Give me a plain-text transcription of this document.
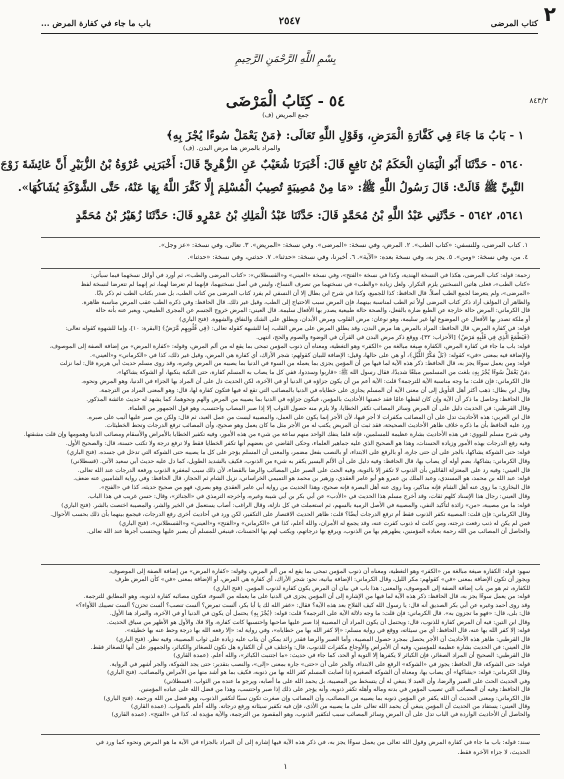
٢
كتاب المرضى
٢٥٤٧
باب ما جاء في كفارة المرض ...
بِسْمِ اللَّهِ الرَّحْمَنِ الرَّحِيمِ
٨٤٣/٢
٥٤ - كِتَابُ الْمَرْضَى
جمع المريض (ف)
١ - بَابُ مَا جَاءَ فِي كَفَّارَةِ الْمَرَضِ، وَقَوْلِ اللَّهِ تَعَالَى: ﴿مَنْ يَعْمَلْ سُوءًا يُجْزَ بِهِ﴾
والمراد بالمرض هنا مرض البدن. (ف)
٥٦٤٠ - حَدَّثَنَا أَبُو الْيَمَانِ الْحَكَمُ بْنُ نَافِعٍ قَالَ: أَخْبَرَنَا شُعَيْبٌ عَنِ الزُّهْرِيِّ قَالَ: أَخْبَرَنِي عُرْوَةُ بْنُ الزُّبَيْرِ أَنَّ عَائِشَةَ زَوْجَ
النَّبِيِّ ﷺ قَالَتْ: قَالَ رَسُولُ اللَّهِ ﷺ: «مَا مِنْ مُصِيبَةٍ تُصِيبُ الْمُسْلِمَ إِلَّا كَفَّرَ اللَّهُ بِهَا عَنْهُ، حَتَّى الشَّوْكَةِ يُشَاكُهَا».
٥٦٤١، ٥٦٤٢ - حَدَّثَنِي عَبْدُ اللَّهِ بْنُ مُحَمَّدٍ قَالَ: حَدَّثَنَا عَبْدُ الْمَلِكِ بْنُ عَمْرٍو قَالَ: حَدَّثَنَا زُهَيْرُ بْنُ مُحَمَّدٍ
١. كتاب المرضى، وللنسفي: «كتاب الطب». ٢. المرض، وفي نسخة: «المرضى». وفي نسخة: «المريض». ٣. تعالى، وفي نسخة: «عز وجل».
٤. من، وفي نسخة: «ومن». ٥. يجز به، وفي نسخة بعده: «الآية». ٦. أخبرنا، وفي نسخة: «حدثنا». ٧. حدثني، وفي نسخة: «حدثنا».
زحمة: قوله: كتاب المرضى، هكذا في النسخة الهندية، وكذا في نسخة «الفتح»، وفي نسخة «العيني» و«القسطلاني»: «كتاب المرضى والطب»، ثم أورد في أوائل نسخهما فيما سيأتي:
«كتاب الطب»، فعلى هاتين النسختين يلزم التكرار. ولعل زيادة «والطب» في نسختهما من تصرف النساخ، وليس في أصل نسختيهما، فإنهما لم تعرضا لهما، ثم إنهما لم تتعرضا لنسخة لفظ
«المرضى»، ولم يتعرضا لجمع الطب أصلاً. قال الحافظ: كذا للجميع، وكذا في شرح ابن بطال إلا أن النسفي لم يفرد كتاب المرضى من كتاب الطب، بل صدر بكتاب الطب ثم ذكر بابًا.
والظاهر أن المؤلف أراد ذكر كتاب المرضى أولاً ثم الطب لمناسبة بينهما، فإن المرض سبب الاحتياج إلى الطب، وقيل غير ذلك. قال الحافظ: وفي ذكره الطب عقب المرض مناسبة ظاهرة.
قال الكرماني: المرض حالة خارجة عن الطبع ضارة بالفعل، والصحة حالة طبيعية يصدر بها الأفعال سليمة. قال العيني: المرض خروج الجسم عن المجرى الطبيعي، ويعبر عنه بأنه حالة
أو ملكة تصدر بها الأفعال عن الموضوع لها غير سليمة، وهو نوعان: مرض القلوب ومرض الأبدان، ويطلق على الشك والنفاق والشهوة. (فتح الباري)
قوله: في كفارة المرض، قال الحافظ: المراد بالمرض هنا مرض البدن، وقد يطلق المرض على مرض القلب، إما للشبهة كقوله تعالى: ﴿فِي قُلُوبِهِم مَّرَضٌ﴾ [البقرة: ١٠]، وإما للشهوة كقوله تعالى:
﴿فَيَطْمَعَ الَّذِي فِي قَلْبِهِ مَرَضٌ﴾ [الأحزاب: ٣٢]، ووقع ذكر مرض البدن في القرآن في الوضوء والصوم والحج، انتهى.
قوله: باب ما جاء في كفارة المرض، الكفارة صيغة مبالغة من «الكفر» وهو التغطية، ومعناه أن ذنوب المؤمن تمحى بما يقع له من ألم المرض، وقوله: «كفارة المرض» من إضافة الصفة إلى الموصوف،
والإضافة فيه بمعنى «في» كقوله: ﴿بَلْ مَكْرُ اللَّيْلِ﴾، أو هي على حالها، وقيل: الإضافة للبيان كقولهم: شجر الأراك، أي كفارة هي المرض، وقيل غير ذلك، كذا في «الكرماني» و«العيني».
قوله: ومن يعمل سوءًا يجز به، قال الحافظ: ذكر هذه الآية لما فيها من أن المؤمن يجزى بما يعمله من السوء في الدنيا بما يصيبه من المرض وغيره، وقد روى مسلم حديث أبي هريرة قال: لما نزلت
﴿مَنْ يَعْمَلْ سُوءًا يُجْزَ بِهِ﴾ بلغت من المسلمين مبلغًا شديدًا، فقال رسول الله ﷺ: «قاربوا وسددوا، ففي كل ما يصاب به المسلم كفارة، حتى النكبة ينكبها، أو الشوكة يشاكها».
قال الكرماني: فإن قلت: ما وجه مناسبة الآية للترجمة؟ قلت: الآية أعم من أن يكون جزاؤه في الدنيا أو في الآخرة، لكن الحديث دل على أن المراد بها الجزاء في الدنيا، وهو المرض ونحوه.
وقال ابن بطال: ذهب أكثر أهل التأويل إلى أن معنى الآية أن المسلم يجازى على خطاياه في الدنيا بالمصائب التي تقع له فيها فتكون كفارة لها، قال: وهو المعنى المراد من الترجمة.
قال الحافظ: وحاصل ما ذكر أن الآية وإن كان لفظها عامًا فقد خصتها الأحاديث بالمؤمن، فيكون جزاؤه في الدنيا بما يصيبه من المرض والهم ونحوهما، كما يشهد له حديث عائشة المذكور.
وقال القرطبي: في الحديث دليل على أن المرض وسائر المصائب تكفر الخطايا، ولا يلزم منه حصول الثواب إلا إذا صبر المصاب واحتسب، وهو قول الجمهور من العلماء.
قال ابن العربي: هذه الأحاديث تدل على أن المصائب مكفرات لا أجر فيها، لأن الأجر إنما يكون على العمل، والمصيبة ليست من عمل العبد، ثم قال: ولكن من صبر عليها أثيب على صبره.
ورد عليه الحافظ بأن ما ذكره خلاف ظاهر الأحاديث الصحيحة، فقد ثبت أن المريض يكتب له من الأجر مثل ما كان يعمل وهو صحيح، وأن المصائب ترفع الدرجات وتحط الخطيئات.
وفي شرح مسلم للنووي: في هذه الأحاديث بشارة عظيمة للمسلمين، فإنه قلما ينفك الواحد منهم ساعة من شيء من هذه الأمور، وفيه تكفير الخطايا بالأمراض والأسقام ومصائب الدنيا وهمومها وإن قلت مشقتها.
وفيه رفع الدرجات بهذه الأمور وزيادة الحسنات، وهذا هو الصحيح الذي عليه جماهير العلماء، وحكى القاضي عن بعضهم أنها تكفر الخطايا فقط ولا ترفع درجة ولا تكتب حسنة، قال: والصحيح الأول.
قوله: حتى الشوكة يشاكها، بالجر على أن حتى جارة، أو بالرفع على الابتداء، أو بالنصب بفعل مضمر، والمعنى أن المسلم يؤجر على كل ما يصيبه حتى الشوكة التي تدخل في جسده. (فتح الباري)
وقال الكرماني: يشاكها، بضم أوله أي يصاب بها، قال الحافظ: وفيه دليل على أن الألم اليسير يكفر به شيء من الذنوب، فكيف بالشديد الطويل، كما دل عليه حديث أبي سعيد الآتي. (قسطلاني)
قال العيني: وفيه رد على المعتزلة القائلين بأن الذنوب لا تكفر إلا بالتوبة، وفيه الحث على الصبر على المصائب والرضا بالقضاء، لأن ذلك سبب لمغفرة الذنوب ورفعة الدرجات عند الله تعالى.
قوله: عبد الله بن محمد، هو المسندي، وعبد الملك بن عمرو هو أبو عامر العقدي، وزهير بن محمد هو التميمي الخراساني، نزيل الشام ثم الحجاز، قال الحافظ: وفي رواية الشاميين عنه ضعف.
قال البخاري: ما روى عنه أهل الشام فإنه مناكير، وما روى عنه أهل البصرة فإنه صحيح، وهذا الحديث من رواية أبي عامر العقدي وهو بصري، فهو من صحيح حديثه، كذا في «الفتح».
وقال العيني: رجال هذا الإسناد كلهم ثقات، وقد أخرج مسلم هذا الحديث في «الأدب» عن أبي بكر بن أبي شيبة وغيره، وأخرجه الترمذي في «الجنائز»، وقال: حسن غريب في هذا الباب.
قوله: ما من مصيبة، «من» زائدة لتأكيد النفي، والمصيبة في الأصل الرمية بالسهم، ثم استعملت في كل نازلة، وقال الراغب: أصاب يستعمل في الخير والشر، والمصيبة اختصت بالشر. (فتح الباري)
وقال الكرماني: فإن قلت: المصيبة تكفر الذنوب فقط أم ترفع الدرجات أيضًا؟ قلت: ظاهر الحديث الاقتصار على التكفير، لكن ورد في أحاديث أخرى رفع الدرجات، فيجمع بينهما بأن ذلك بحسب الأحوال.
فمن لم يكن له ذنب رفعت درجته، ومن كانت له ذنوب كفرت عنه، وقد يجمع له الأمران، والله أعلم، كذا في «الكرماني» و«الفتح» و«العيني» و«القسطلاني». (فتح الباري)
والحاصل أن المصائب من الله رحمة بعباده المؤمنين، يطهرهم بها من الذنوب، ويرفع بها درجاتهم، ويكتب لهم بها الحسنات، فينبغي للمسلم أن يصبر عليها ويحتسب أجرها عند الله تعالى.
سهو: قوله: الكفارة صيغة مبالغة من «الكفر» وهو التغطية، ومعناه أن ذنوب المؤمن تمحى بما يقع له من ألم المرض، وقوله: «كفارة المرض» من إضافة الصفة إلى الموصوف،
ويجوز أن تكون الإضافة بمعنى «في» كقولهم: مكر الليل، وقال الكرماني: الإضافة بيانية، نحو: شجر الأراك، أي كفارة هي المرض، أو الإضافة بمعنى «في» كأن المرض ظرف
للكفارة، ثم هو من باب إضافة الصفة إلى الموصوف، والمعنى: هذا باب في بيان أن المرض يكون كفارة لذنوب المؤمن. (فتح الباري)
قوله: من يعمل سوءًا يجز به، قال الحافظ: ذكر هذه الآية لما فيها من الإشارة إلى أن المؤمن يجزى في الدنيا على ما يعمله من السوء، فتكون مصائبه كفارة لذنوبه، وهو المطابق للترجمة.
وقد روى أحمد وغيره عن أبي بكر الصديق أنه قال: يا رسول الله كيف الفلاح بعد هذه الآية؟ فقال: «غفر الله لك يا أبا بكر، ألست تمرض؟ ألست تنصب؟ ألست تحزن؟ ألست تصيبك اللأواء؟»
قال: بلى، قال: «فهو ما تجزون به». قال الكرماني: فإن قلت: ما وجه دلالة الآية على الترجمة؟ قلت: قوله: ﴿يُجْزَ بِهِ﴾ يحتمل أن يكون في الدنيا أو في الآخرة، والمراد هنا الأول.
وقال ابن التين: فيه أن المرض كفارة للذنوب، قال: ويحتمل أن يكون المراد أن المصيبة إذا صبر عليها صاحبها واحتسبها كانت كفارة، وإلا فلا، والأول هو الأظهر من سياق الحديث.
قوله: إلا كفر الله بها عنه، قال الحافظ: أي من سيئاته، ووقع في رواية مسلم: «إلا كفر الله بها من خطاياه»، وفي رواية له: «إلا رفعه الله بها درجة وحط عنه بها خطيئة».
قال القرطبي: ظاهر هذه الأحاديث أن الأجر يحصل بمجرد حصول المصيبة، وأما الصبر والرضا فقدر زائد يمكن أن يثاب عليه زيادة على ثواب المصيبة، وفيه نظر. (فتح الباري)
قال العيني: في الحديث بشارة عظيمة للمؤمنين، وفيه أن الأمراض والأوجاع مكفرات للذنوب، قال: واختلف في أن الكفارة هل تكون للصغائر والكبائر، والجمهور على أنها للصغائر فقط.
قال القرطبي: الصحيح أن المراد الصغائر، فإن الكبائر لا يكفرها إلا التوبة أو الحد، كما جاء في حديث: «ما اجتنبت الكبائر»، والله أعلم. (عمدة القاري)
قوله: حتى الشوكة، قال الحافظ: يجوز في «الشوكة» الرفع على الابتداء، والجر على أن «حتى» جارة بمعنى «إلى»، والنصب بتقدير: حتى يجد الشوكة، والجر أشهر في الرواية.
وقال الكرماني: قوله: «يشاكها» أي يصاب بها، ومعناه أن الشوكة الصغيرة إذا أصابت المسلم كفر الله بها من ذنوبه، فكيف بما هو أشد منها من الأمراض والمصائب. (فتح الباري)
وفي الحديث الحث على الصبر والرضا، وأن العبد لا ينبغي له أن يتسخط من المصيبة، بل يحمد الله على ما أصابه، ويرجو ما عنده من الثواب. (قسطلاني)
قال الحافظ: وفيه أن المصائب التي تصيب المؤمن في بدنه وماله وأهله تكفر ذنوبه، وأنه يؤجر على ذلك إذا صبر واحتسب، وهذا من فضل الله على عباده المؤمنين.
قال الكرماني: ومعنى الحديث أن الله يكفر عن المؤمن ذنوبه بما يصيبه من المصائب، وأن المصائب وإن صغرت تكون سببًا لتكفير الذنوب، وهو فضل من الله ورحمة. (فتح الباري)
وقال العيني: يستفاد من الحديث أن المؤمن ينبغي أن يحمد الله تعالى على ما يصيبه من الأذى، فإن فيه تكفير سيئاته ورفع درجاته. والله أعلم بالصواب. (عمدة القاري)
والحاصل أن الأحاديث الواردة في الباب تدل على أن المرض وسائر المصائب سبب لتكفير الذنوب، وهو المقصود من الترجمة، والآية مؤيدة له. كذا في «الفتح». (عمدة القاري)
سند: قوله: باب ما جاء في كفارة المرض وقول الله تعالى من يعمل سوءًا يجز به، في ذكر هذه الآية فيها إشارة إلى أن المراد بالجزاء في الآية ما هو المرض ونحوه كما ورد في
الحديث، لا جزاء الآخرة فقط.
١
